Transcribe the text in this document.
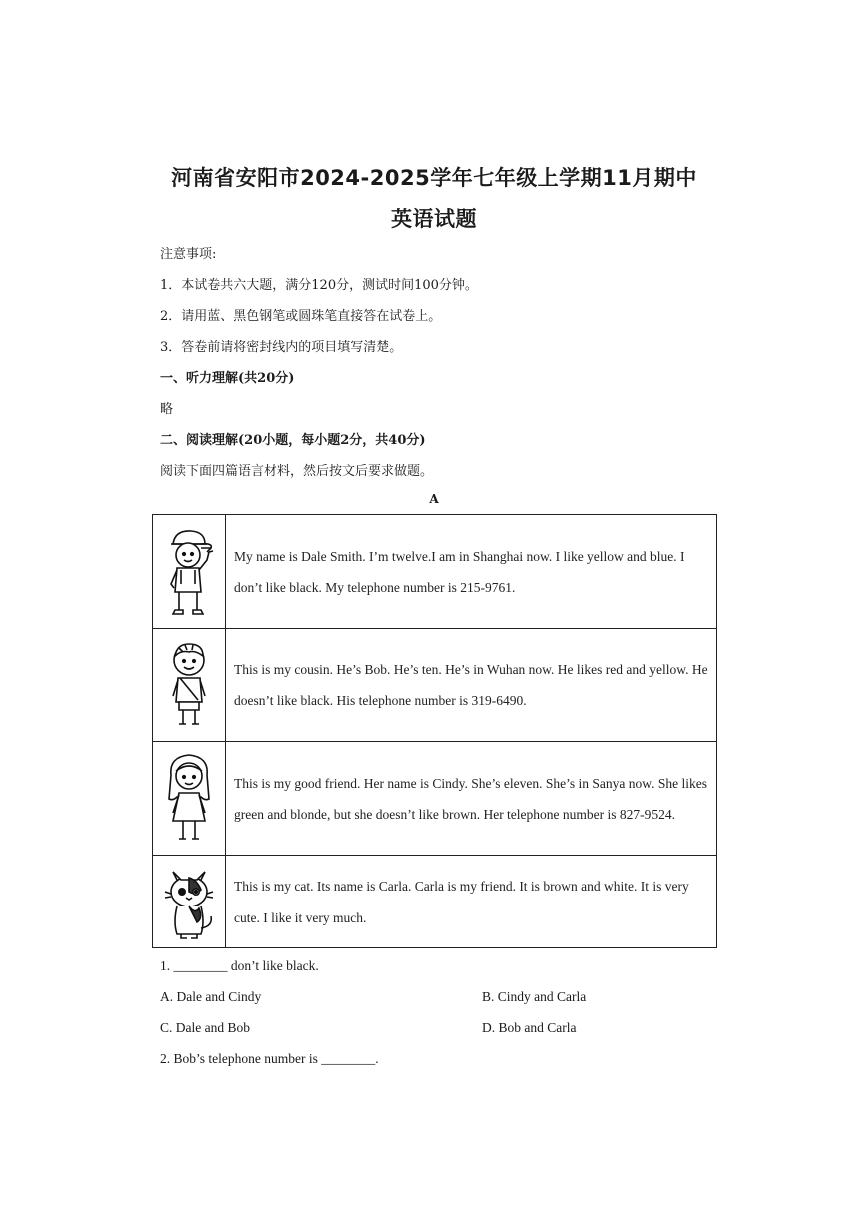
河南省安阳市2024-2025学年七年级上学期11月期中
英语试题
注意事项:
1．本试卷共六大题，满分120分，测试时间100分钟。
2．请用蓝、黑色钢笔或圆珠笔直接答在试卷上。
3．答卷前请将密封线内的项目填写清楚。
一、听力理解(共20分)
略
二、阅读理解(20小题，每小题2分，共40分)
阅读下面四篇语言材料，然后按文后要求做题。
A
	My name is Dale Smith. I’m twelve.I am in Shanghai now. I like yellow and blue. I don’t like black. My telephone number is 215-9761.

	This is my cousin. He’s Bob. He’s ten. He’s in Wuhan now. He likes red and yellow. He doesn’t like black. His telephone number is 319-6490.

	This is my good friend. Her name is Cindy. She’s eleven. She’s in Sanya now. She likes green and blonde, but she doesn’t like brown. Her telephone number is 827-9524.

	This is my cat. Its name is Carla. Carla is my friend. It is brown and white. It is very cute. I like it very much.
1. ________ don’t like black.
A. Dale and Cindy	B. Cindy and Carla
C. Dale and Bob	D. Bob and Carla
2. Bob’s telephone number is ________.
